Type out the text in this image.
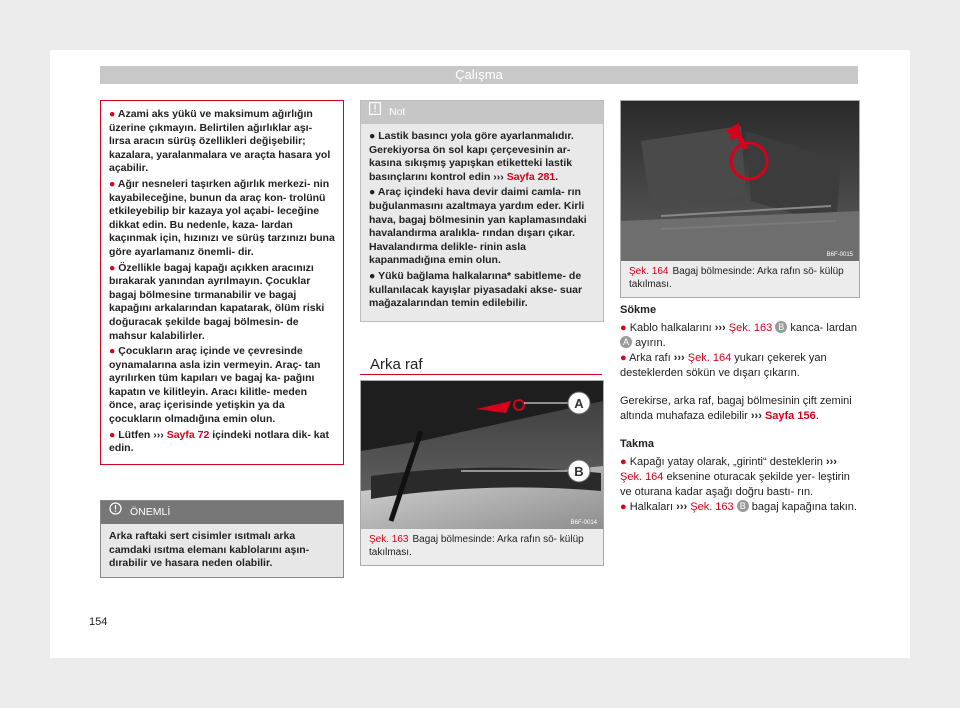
Çalışma

● Azami aks yükü ve maksimum ağırlığın üzerine çıkmayın. Belirtilen ağırlıklar aşı- lırsa aracın sürüş özellikleri değişebilir; kazalara, yaralanmalara ve araçta hasara yol açabilir.

● Ağır nesneleri taşırken ağırlık merkezi- nin kayabileceğine, bunun da araç kon- trolünü etkileyebilip bir kazaya yol açabi- leceğine dikkat edin. Bu nedenle, kaza- lardan kaçınmak için, hızınızı ve sürüş tarzınızı buna göre ayarlamanız önemli- dir.

● Özellikle bagaj kapağı açıkken aracınızı bırakarak yanından ayrılmayın. Çocuklar bagaj bölmesine tırmanabilir ve bagaj kapağını arkalarından kapatarak, ölüm riski doğuracak şekilde bagaj bölmesin- de mahsur kalabilirler.

● Çocukların araç içinde ve çevresinde oynamalarına asla izin vermeyin. Araç- tan ayrılırken tüm kapıları ve bagaj ka- pağını kapatın ve kilitleyin. Aracı kilitle- meden önce, araç içerisinde yetişkin ya da çocukların olmadığına emin olun.

● Lütfen ››› Sayfa 72 içindeki notlara dik- kat edin.

ÖNEMLİ
Arka raftaki sert cisimler ısıtmalı arka camdaki ısıtma elemanı kablolarını aşın- dırabilir ve hasara neden olabilir.
Not

● Lastik basıncı yola göre ayarlanmalıdır. Gerekiyorsa ön sol kapı çerçevesinin ar- kasına sıkışmış yapışkan etiketteki lastik basınçlarını kontrol edin ››› Sayfa 281.

● Araç içindeki hava devir daimi camla- rın buğulanmasını azaltmaya yardım eder. Kirli hava, bagaj bölmesinin yan kaplamasındaki havalandırma aralıkla- rından dışarı çıkar. Havalandırma delikle- rinin asla kapanmadığına emin olun.

● Yükü bağlama halkalarına* sabitleme- de kullanılacak kayışlar piyasadaki akse- suar mağazalarından temin edilebilir.

Arka raf
A
B
B6F-0014
Şek. 163 Bagaj bölmesinde: Arka rafın sö- külüp takılması.
B6F-0015
Şek. 164 Bagaj bölmesinde: Arka rafın sö- külüp takılması.
Sökme
● Kablo halkalarını ››› Şek. 163 B kanca- lardan A ayırın.
● Arka rafı ››› Şek. 164 yukarı çekerek yan desteklerden sökün ve dışarı çıkarın.
Gerekirse, arka raf, bagaj bölmesinin çift zemini altında muhafaza edilebilir ››› Sayfa 156.
Takma
● Kapağı yatay olarak, „girinti“ desteklerin ››› Şek. 164 eksenine oturacak şekilde yer- leştirin ve oturana kadar aşağı doğru bastı- rın.
● Halkaları ››› Şek. 163 B bagaj kapağına takın.
154
